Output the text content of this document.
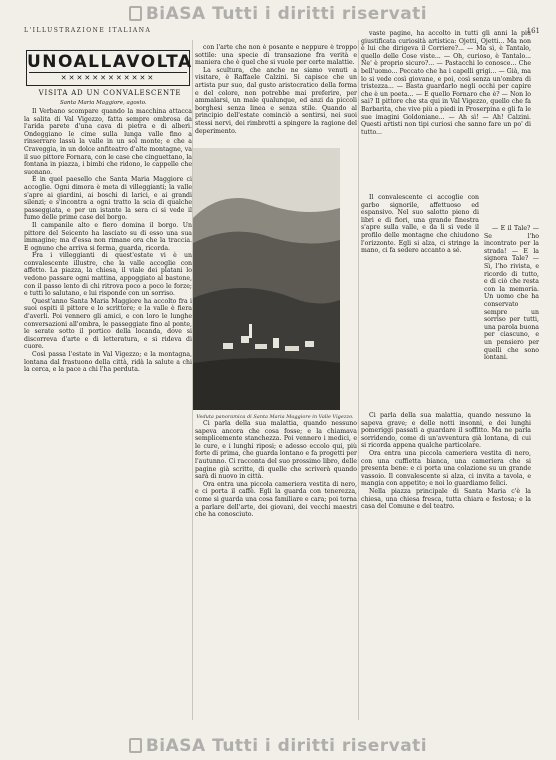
BiASA Tutti i diritti riservati
L'ILLUSTRAZIONE ITALIANA	161
UNOALLAVOLTA
✕✕✕✕✕✕✕✕✕✕✕✕
VISITA AD UN CONVALESCENTE
Santa Maria Maggiore, agosto.

Il Verbano scompare quando la macchina attacca la salita di Val Vigezzo, fatta sempre ombrosa da l'arida parete d'una cava di pietra e di alberi. Ondeggiano le cime sulla lunga valle fino a rinserrare lassù la valle in un sol monte; e che a Craveggia, in un dolce anfiteatro d'alte montagne, va il suo pittore Fornara, con le case che cinguettano, la fontana in piazza, i bimbi che ridono, le cappelle che suonano.

È in quel paesello che Santa Maria Maggiore ci accoglie. Ogni dimora è meta di villeggianti; la valle s'apre ai giardini, ai boschi di larici, e ai grandi silenzi; e s'incontra a ogni tratto la scia di qualche passeggiata, e per un istante la sera ci si vede il fumo delle prime case del borgo.

Il campanile alto e fiero domina il borgo. Un pittore del Seicento ha lasciato su di esso una sua immagine; ma d'essa non rimane ora che la traccia. E ognuno che arriva si ferma, guarda, ricorda.

Fra i villeggianti di quest'estate vi è un convalescente illustre, che la valle accoglie con affetto. La piazza, la chiesa, il viale dei platani lo vedono passare ogni mattina, appoggiato al bastone, con il passo lento di chi ritrova poco a poco le forze; e tutti lo salutano, e lui risponde con un sorriso.

Quest'anno Santa Maria Maggiore ha accolto fra i suoi ospiti il pittore e lo scrittore; e la valle è fiera d'averli. Poi vennero gli amici, e con loro le lunghe conversazioni all'ombra, le passeggiate fino al ponte, le serate sotto il portico della locanda, dove si discorreva d'arte e di letteratura, e si rideva di cuore.

Così passa l'estate in Val Vigezzo; e la montagna, lontana dal frastuono della città, ridà la salute a chi la cerca, e la pace a chi l'ha perduta.

con l'arte che non è posante e neppure è troppo sottile: una specie di transazione fra verità e maniera che è quel che si vuole per certe malattie.

La scultura, che anche ne siamo venuti a visitare, è Raffaele Calzini. Si capisce che un artista pur suo, dal gusto aristocratico della forma e del colore, non potrebbe mai preferire, per ammalarsi, un male qualunque, ed anzi da piccoli borghesi senza linea e senza stile. Quando al principio dell'estate cominciò a sentirsi, nei suoi stessi nervi, dei rimbrotti a spingere la ragione del deperimento.

Veduta panoramica di Santa Maria Maggiore in Valle Vigezzo.

vaste pagine, ha accolto in tutti gli anni la più giustificata curiosità artistica: Ojetti, Ojetti... Ma non è lui che dirigeva il Corriere?... — Ma sì, è Tantalo, quello delle Cose viste... — Oh, curioso, è Tantalo... Ne' è proprio sicuro?... — Pastacchi lo conosce... Che bell'uomo... Peccato che ha i capelli grigi... — Già, ma lo si vede così giovane, e poi, così senza un'ombra di tristezza... — Basta guardarlo negli occhi per capire che è un poeta... — E quello Fornaro che è? — Non lo sai? Il pittore che sta qui in Val Vigezzo, quello che fa Barbarita, che vive più a piedi in Proserpina e gli fa le sue imagini Goldoniane... — Ah sì! — Ah! Calzini. Questi artisti non tipi curiosi che sanno fare un po' di tutto...

Il convalescente ci accoglie con garbo signorile, affettuoso ed espansivo. Nel suo salotto pieno di libri e di fiori, una grande finestra s'apre sulla valle, e da lì si vede il profilo delle montagne che chiudono l'orizzonte. Egli si alza, ci stringe la mano, ci fa sedere accanto a sé.

— E il Tale? — Se l'ho incontrato per la strada! — E la signora Tale? — Sì, l'ho rivista, e ricordo di tutto, e di ciò che resta con la memoria. Un uomo che ha conservato sempre un sorriso per tutti, una parola buona per ciascuno, e un pensiero per quelli che sono lontani.

Ci parla della sua malattia, quando nessuno sapeva ancora che cosa fosse; e la chiamava semplicemente stanchezza. Poi vennero i medici, e le cure, e i lunghi riposi; e adesso eccolo qui, più forte di prima, che guarda lontano e fa progetti per l'autunno. Ci racconta del suo prossimo libro, delle pagine già scritte, di quelle che scriverà quando sarà di nuovo in città.

Ora entra una piccola cameriera vestita di nero, e ci porta il caffè. Egli la guarda con tenerezza, come si guarda una cosa familiare e cara; poi torna a parlare dell'arte, dei giovani, dei vecchi maestri che ha conosciuto.

Ci parla della sua malattia, quando nessuno la sapeva grave; e delle notti insonni, e dei lunghi pomeriggi passati a guardare il soffitto. Ma ne parla sorridendo, come di un'avventura già lontana, di cui si ricorda appena qualche particolare.

Ora entra una piccola cameriera vestita di nero, con una cuffietta bianca, una cameriera che si presenta bene: e ci porta una colazione su un grande vassoio. Il convalescente si alza, ci invita a tavola, e mangia con appetito; e noi lo guardiamo felici.

Nella piazza principale di Santa Maria c'è la chiesa, una chiesa fresca, tutta chiara e festosa; e la casa del Comune e del teatro.

BiASA Tutti i diritti riservati
